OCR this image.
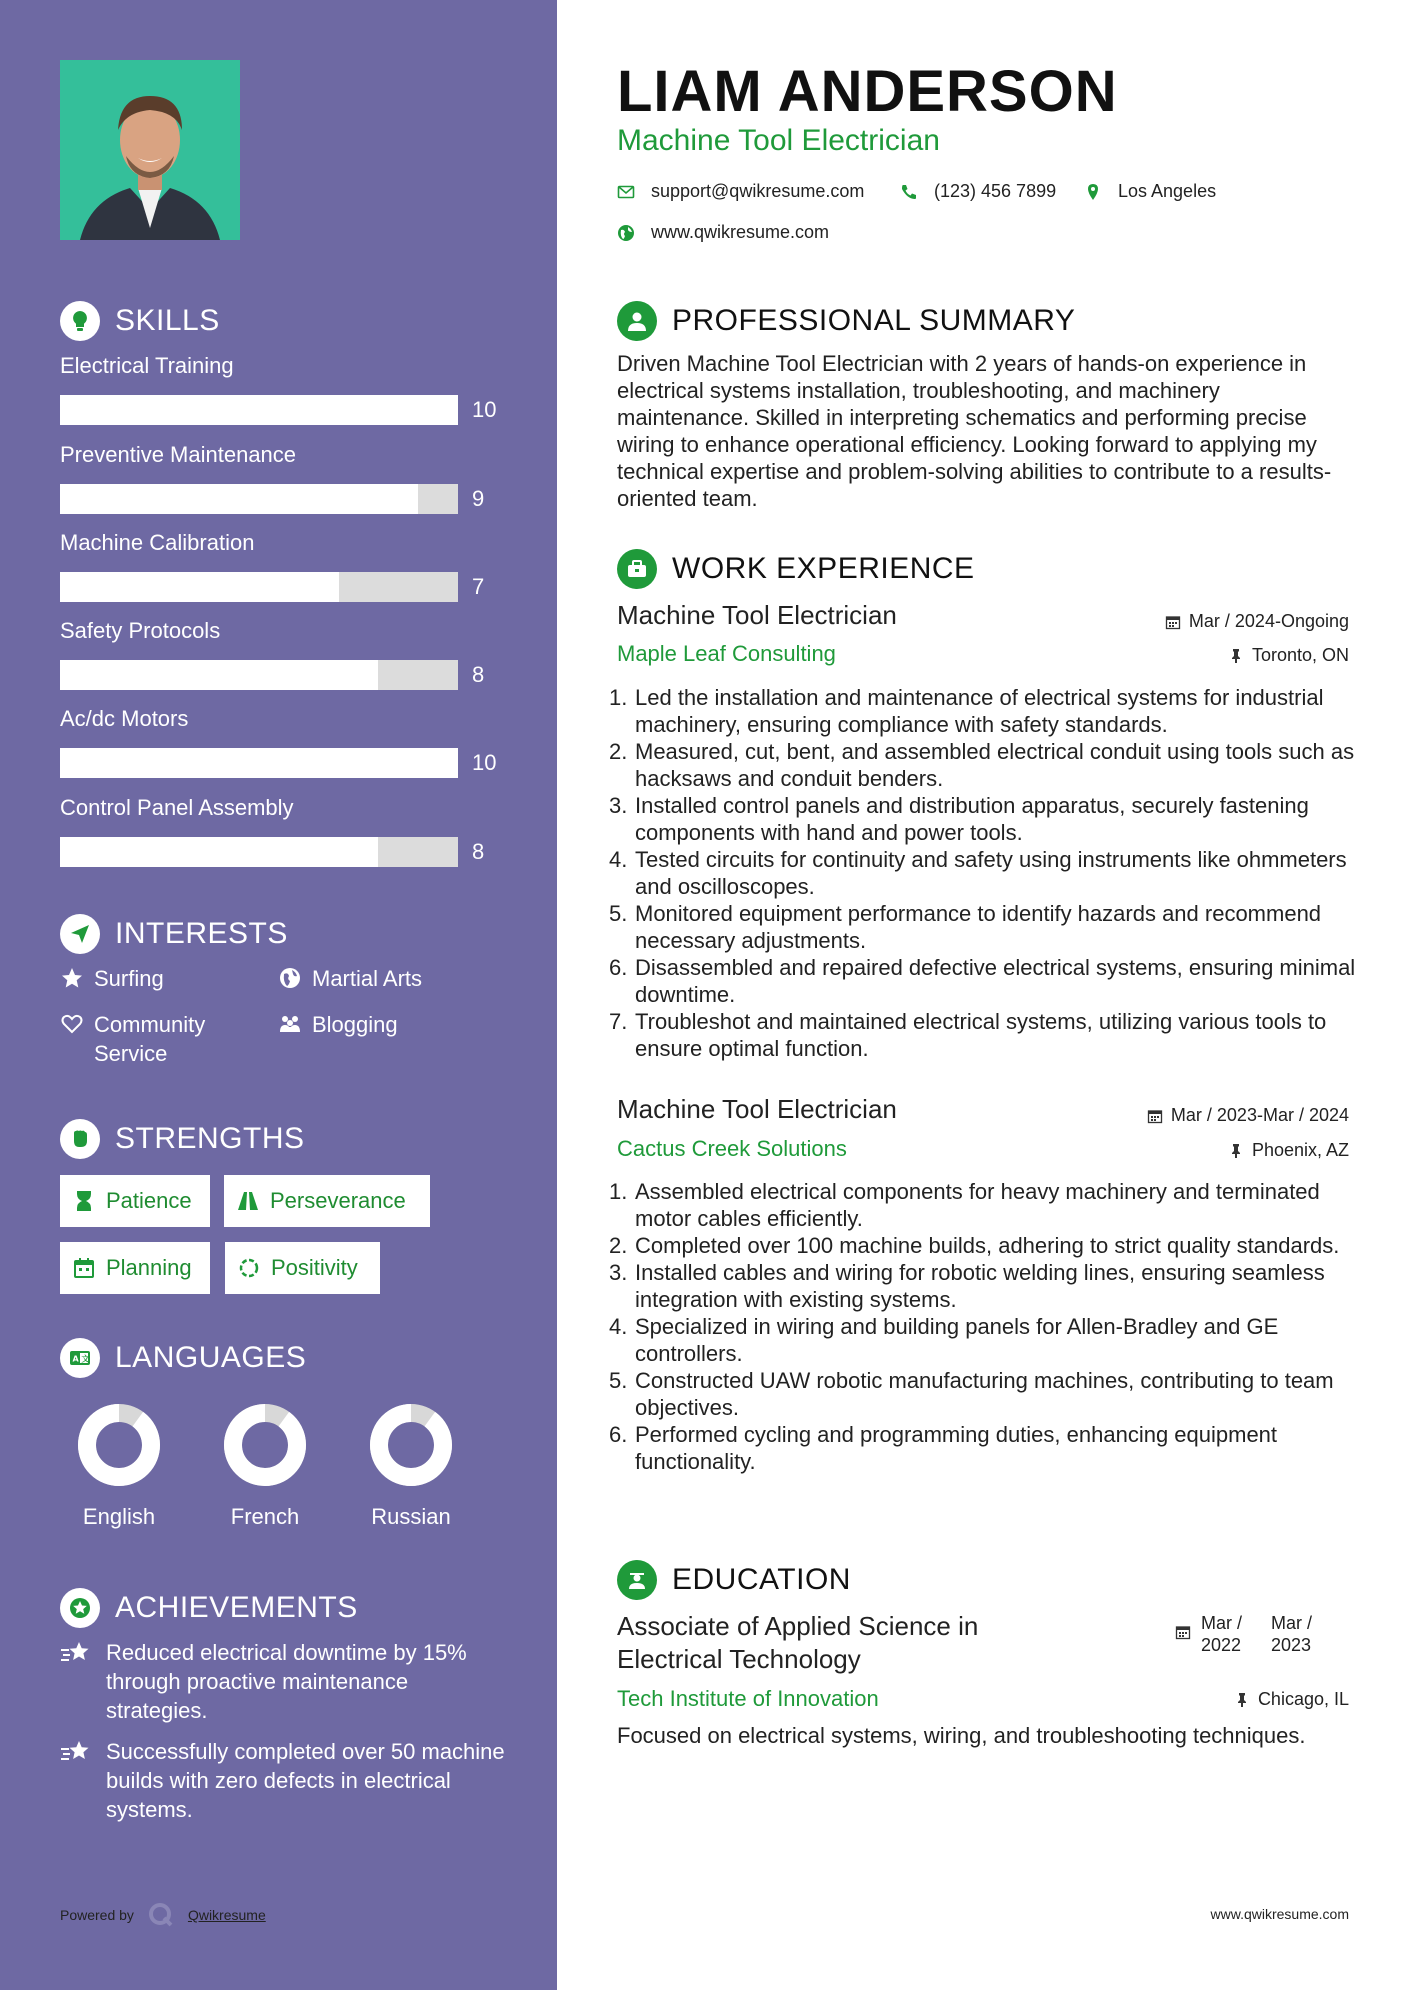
SKILLS
Electrical Training
10
Preventive Maintenance
9
Machine Calibration
7
Safety Protocols
8
Ac/dc Motors
10
Control Panel Assembly
8
INTERESTS
Surfing	Martial Arts
Community Service
Blogging
STRENGTHS
Patience	Perseverance
Planning	Positivity
A 文 LANGUAGES
English	French	Russian
ACHIEVEMENTS
Reduced electrical downtime by 15% through proactive maintenance strategies.
Successfully completed over 50 machine builds with zero defects in electrical systems.
Powered by	Qwikresume
LIAM ANDERSON
Machine Tool Electrician
support@qwikresume.com	(123) 456 7899	Los Angeles
www.qwikresume.com
PROFESSIONAL SUMMARY

Driven Machine Tool Electrician with 2 years of hands-on experience in electrical systems installation, troubleshooting, and machinery maintenance. Skilled in interpreting schematics and performing precise wiring to enhance operational efficiency. Looking forward to applying my technical expertise and problem-solving abilities to contribute to a results-oriented team.

WORK EXPERIENCE
Machine Tool Electrician	Mar / 2024-Ongoing
Maple Leaf Consulting	Toronto, ON
Led the installation and maintenance of electrical systems for industrial machinery, ensuring compliance with safety standards.
Measured, cut, bent, and assembled electrical conduit using tools such as hacksaws and conduit benders.
Installed control panels and distribution apparatus, securely fastening components with hand and power tools.
Tested circuits for continuity and safety using instruments like ohmmeters and oscilloscopes.
Monitored equipment performance to identify hazards and recommend necessary adjustments.
Disassembled and repaired defective electrical systems, ensuring minimal downtime.
Troubleshot and maintained electrical systems, utilizing various tools to ensure optimal function.
Machine Tool Electrician	Mar / 2023-Mar / 2024
Cactus Creek Solutions	Phoenix, AZ
Assembled electrical components for heavy machinery and terminated motor cables efficiently.
Completed over 100 machine builds, adhering to strict quality standards.
Installed cables and wiring for robotic welding lines, ensuring seamless integration with existing systems.
Specialized in wiring and building panels for Allen-Bradley and GE controllers.
Constructed UAW robotic manufacturing machines, contributing to team objectives.
Performed cycling and programming duties, enhancing equipment functionality.
EDUCATION
Associate of Applied Science in Electrical Technology
Mar / 2022
Mar / 2023
Tech Institute of Innovation	Chicago, IL
Focused on electrical systems, wiring, and troubleshooting techniques.
www.qwikresume.com
